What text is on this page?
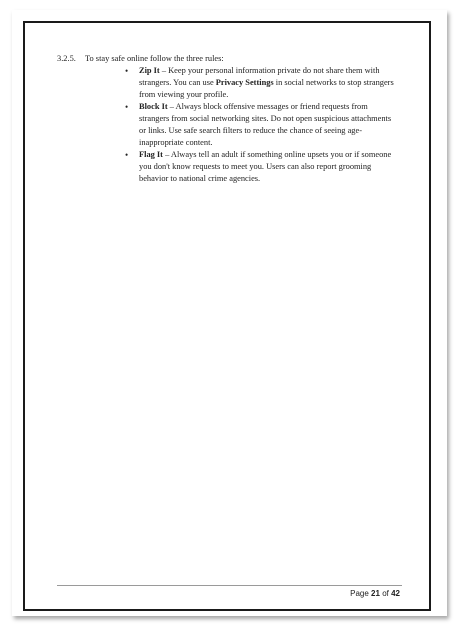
3.2.5.	To stay safe online follow the three rules:
• Zip It – Keep your personal information private do not share them with strangers. You can use Privacy Settings in social networks to stop strangers from viewing your profile.
• Block It – Always block offensive messages or friend requests from strangers from social networking sites. Do not open suspicious attachments or links. Use safe search filters to reduce the chance of seeing age-inappropriate content.
• Flag It – Always tell an adult if something online upsets you or if someone you don't know requests to meet you. Users can also report grooming behavior to national crime agencies.
Page 21 of 42
